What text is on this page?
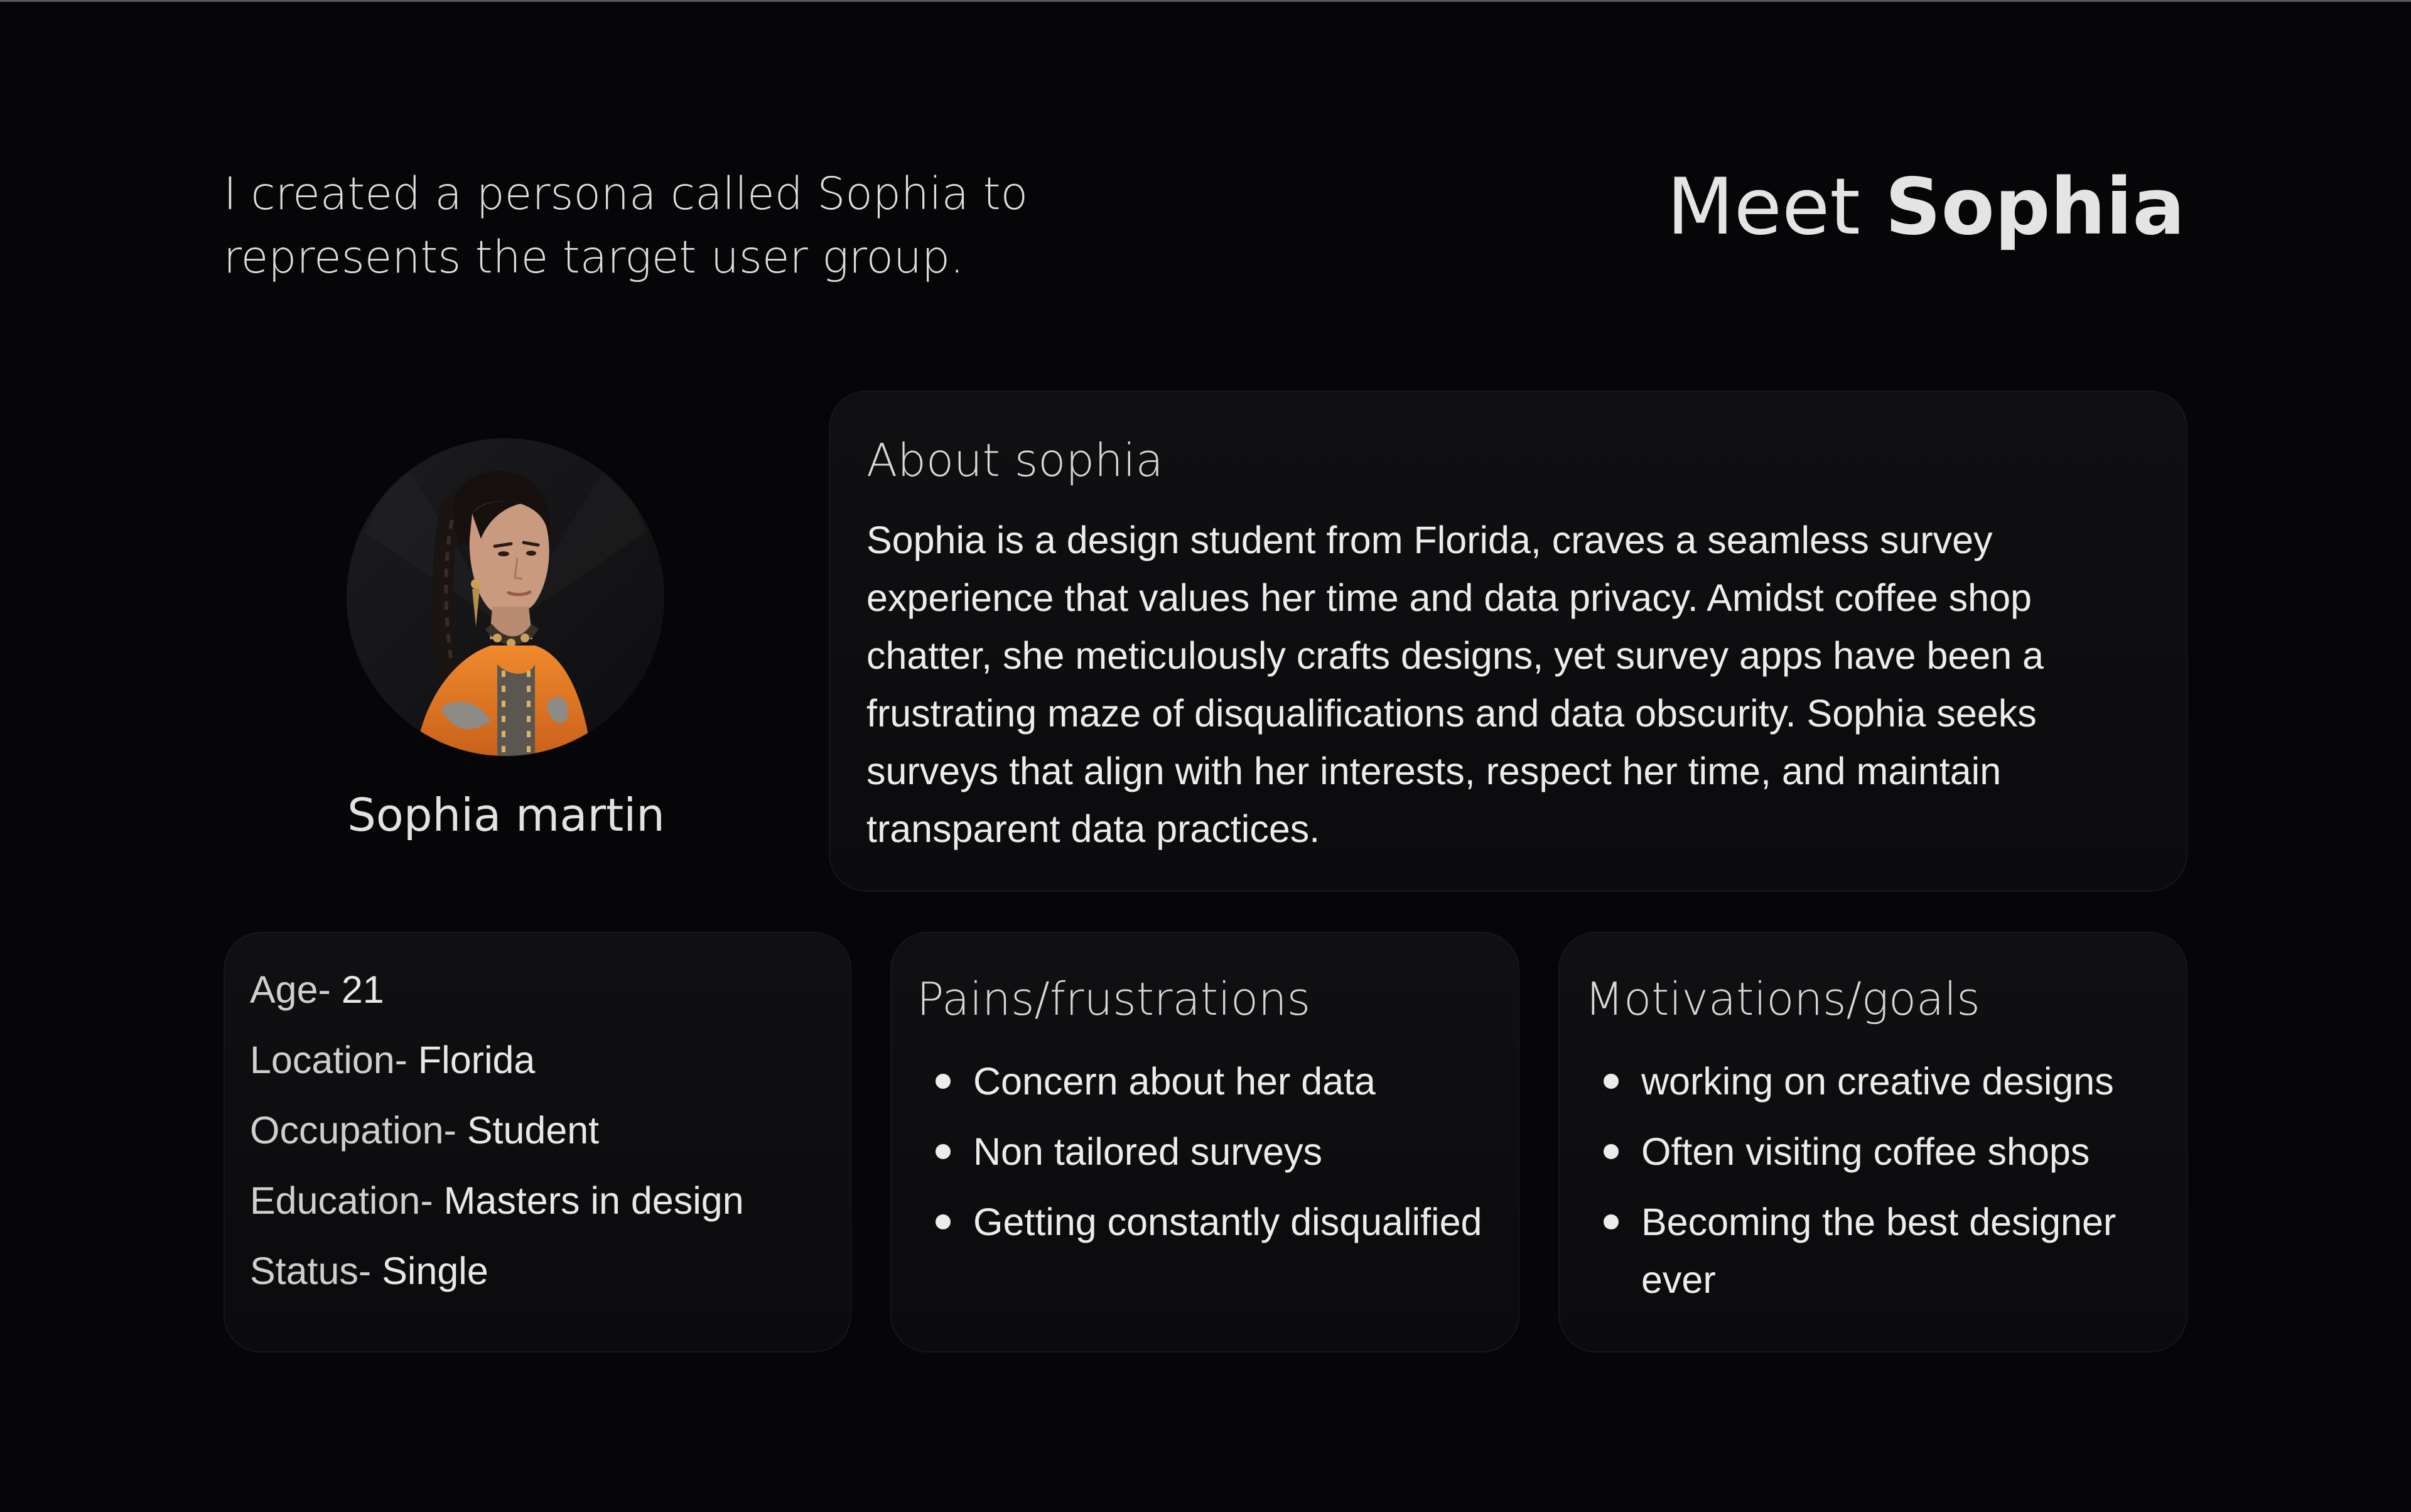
I created a persona called Sophia to represents the target user group.
Meet Sophia
Sophia martin
About sophia
Sophia is a design student from Florida, craves a seamless survey experience that values her time and data privacy. Amidst coffee shop chatter, she meticulously crafts designs, yet survey apps have been a frustrating maze of disqualifications and data obscurity. Sophia seeks surveys that align with her interests, respect her time, and maintain transparent data practices.
Age- 21
Location- Florida
Occupation- Student
Education- Masters in design
Status- Single
Pains/frustrations
Concern about her data
Non tailored surveys
Getting constantly disqualified
Motivations/goals
working on creative designs
Often visiting coffee shops
Becoming the best designer ever
